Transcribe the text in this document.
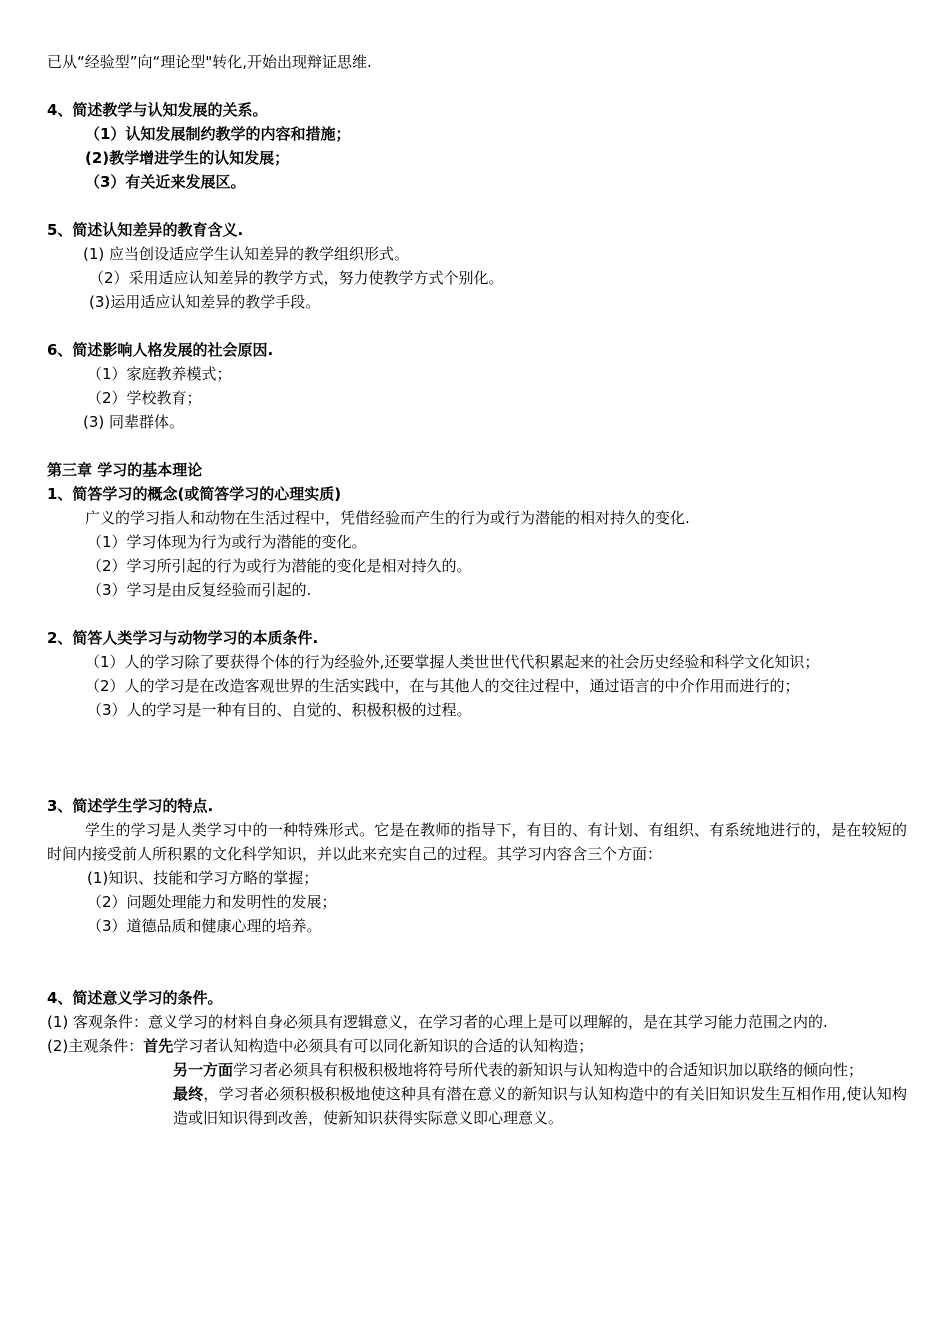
已从“经验型”向“理论型"转化,开始出现辩证思维.
4、简述教学与认知发展的关系。
（1）认知发展制约教学的内容和措施；
(2)教学增进学生的认知发展；
（3）有关近来发展区。
5、简述认知差异的教育含义.
(1) 应当创设适应学生认知差异的教学组织形式。
（2）采用适应认知差异的教学方式，努力使教学方式个别化。
(3)运用适应认知差异的教学手段。
6、简述影响人格发展的社会原因.
（1）家庭教养模式；
（2）学校教育；
(3) 同辈群体。
第三章 学习的基本理论
1、简答学习的概念(或简答学习的心理实质)
广义的学习指人和动物在生活过程中，凭借经验而产生的行为或行为潜能的相对持久的变化.
（1）学习体现为行为或行为潜能的变化。
（2）学习所引起的行为或行为潜能的变化是相对持久的。
（3）学习是由反复经验而引起的.
2、简答人类学习与动物学习的本质条件.
（1）人的学习除了要获得个体的行为经验外,还要掌握人类世世代代积累起来的社会历史经验和科学文化知识；
（2）人的学习是在改造客观世界的生活实践中，在与其他人的交往过程中，通过语言的中介作用而进行的；
（3）人的学习是一种有目的、自觉的、积极积极的过程。
3、简述学生学习的特点.
学生的学习是人类学习中的一种特殊形式。它是在教师的指导下，有目的、有计划、有组织、有系统地进行的，是在较短的时间内接受前人所积累的文化科学知识，并以此来充实自己的过程。其学习内容含三个方面：
(1)知识、技能和学习方略的掌握；
（2）问题处理能力和发明性的发展；
（3）道德品质和健康心理的培养。
4、简述意义学习的条件。
(1) 客观条件：意义学习的材料自身必须具有逻辑意义，在学习者的心理上是可以理解的，是在其学习能力范围之内的.
(2)主观条件：首先学习者认知构造中必须具有可以同化新知识的合适的认知构造；
另一方面学习者必须具有积极积极地将符号所代表的新知识与认知构造中的合适知识加以联络的倾向性；
最终，学习者必须积极积极地使这种具有潜在意义的新知识与认知构造中的有关旧知识发生互相作用,使认知构造或旧知识得到改善，使新知识获得实际意义即心理意义。
